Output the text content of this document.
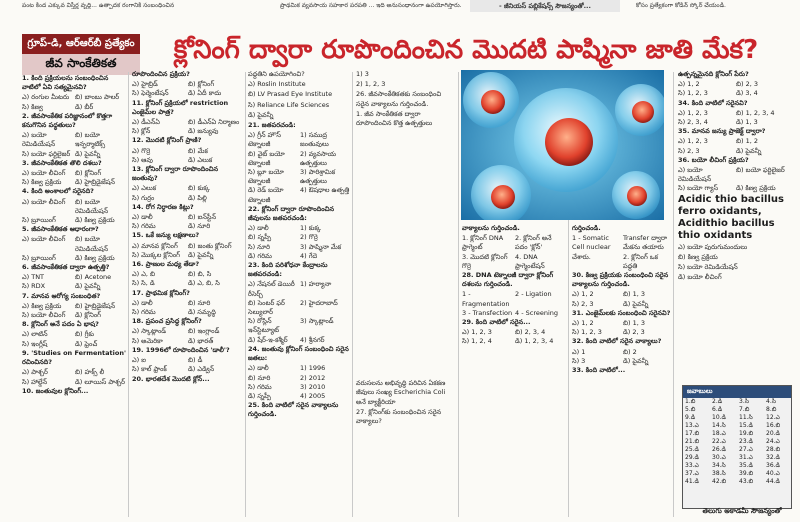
పంట కింద ఎక్కువ విస్తీర్ణ వృద్ధి... ఉత్పాదక రంగానికి సంబంధించిన	ప్రాథమిక వ్యవసాయ సహకార పరపతి ... ఇది అనుసంధానంగా ఉపయోగిస్తారు.	కోసం ప్రత్యేకంగా కోడిన్ స్కోర్ చేయండి.
- జీనియస్ పబ్లికేషన్స్ సౌజన్యంతో...
గ్రూప్-డి, ఆర్ఆర్‌బీ ప్రత్యేకం
జీవ సాంకేతికత	క్లోనింగ్ ద్వారా రూపొందించిన మొదటి పాష్మినా జాతి మేక?

1. కింది ప్రక్రియలను సంబంధించిన వాటిలో ఏవి సత్యమైనవి?

ఎ) రంగుల మీటరు బి) బాంబు పాలర్
సి) కిణ్వ	డి) బీర్

2. జీవసాంకేతిక పరిజ్ఞానంలో కొత్తగా కనుగొనిన పద్ధతులు?

ఎ) బయో రెమిడియేషన్
బి) బయో ఇన్ఫర్మాటిక్స్
సి) బయో ఫర్టిలైజర్ డి) పైవన్నీ

3. జీవసాంకేతికత తొలి దశలు?

ఎ) బయో లీచింగ్	బి) క్లోనింగ్
సి) కిణ్వ ప్రక్రియ	డి) హైబ్రిడైజేషన్

4. కింది అంశాలలో సరైనది?

ఎ) బయో లీచింగ్	బి) బయో రెమిడియేషన్
సి) బ్రూయింగ్	డి) కిణ్వ ప్రక్రియ

5. జీవసాంకేతికత ఆధారంగా?

ఎ) బయో లీచింగ్	బి) బయో రెమిడియేషన్
సి) బ్రూయింగ్	డి) కిణ్వ ప్రక్రియ

6. జీవసాంకేతికత ద్వారా ఉత్పత్తి?

ఎ) TNT	బి) Acetone
సి) RDX	డి) పైవన్నీ

7. మానవ ఆరోగ్య సంబంధిత?

ఎ) కిణ్వ ప్రక్రియ	బి) హైబ్రిడైజేషన్
సి) బయో లీచింగ్	డి) క్లోనింగ్

8. క్లోనింగ్ అనే పదం ఏ భాష?

ఎ) లాటిన్	బి) గ్రీకు
సి) ఇంగ్లీష్	డి) ఫ్రెంచ్

9. 'Studies on Fermentation' రచించినది?

ఎ) పాశ్చర్	బి) హక్స్ లీ
సి) హాల్డేన్	డి) లూయిస్ పాశ్చర్

10. జంతువుల క్లోనింగ్...

రూపొందించిన ప్రక్రియ?

ఎ) హైబ్రిడ్	బి) క్లోనింగ్
సి) ఫెర్మెంటేషన్	డి) ఏదీ కాదు

11. క్లోనింగ్ ప్రక్రియలో restriction ఎంజైమ్‌ల పాత్ర?

ఎ) డీఎన్ఏ	బి) డీఎన్ఏ నిర్మాణం
సి) క్లోన్	డి) జన్యువు

12. మొదటి క్లోనింగ్ ప్రాణి?

ఎ) గొర్రె	బి) మేక
సి) ఆవు	డి) ఎలుక

13. క్లోనింగ్ ద్వారా రూపొందించిన జంతువు?

ఎ) ఎలుక	బి) కుక్క
సి) గుర్రం	డి) పిల్లి

14. రోగ నిర్ధారణ కిట్లు?

ఎ) డాలీ	బి) ఐన్‌స్టీన్
సి) గరిమ	డి) నూరి

15. ఒకే జన్యు లక్షణాలు?

ఎ) మానవ క్లోనింగ్	బి) జంతు క్లోనింగ్
సి) మొక్కల క్లోనింగ్	డి) పైవన్నీ

16. ప్రాణుల మధ్య తేడా?

ఎ) ఎ, బి	బి) బి, సి
సి) సి, డి	డి) ఎ, బి, సి

17. ప్రాథమిక క్లోనింగ్?

ఎ) డాలీ	బి) నూరి
సి) గరిమ	డి) సమృద్ధి

18. ప్రపంచ ప్రసిద్ధ క్లోనింగ్?

ఎ) స్కాట్లాండ్	బి) ఇంగ్లాండ్
సి) అమెరికా	డి) భారత్

19. 1996లో రూపొందించిన 'డాలీ'?

ఎ) ఐ	బి) డీ
సి) కాల్ ఫ్రాంక్	డి) ఎడ్విన్

20. భారతదేశ మొదటి క్లోన్...

పద్ధతిని ఉపయోగించి?

ఎ) Roslin Institute

బి) LV Prasad Eye Institute

సి) Reliance Life Sciences

డి) పైవన్నీ

21. జతపరచండి:

ఎ) గ్రీన్ హౌస్ టెక్నాలజీ
1) సముద్ర జంతువులు
బి) వైట్ బయో టెక్నాలజీ
2) వ్యవసాయ ఉత్పత్తులు
సి) బ్లూ బయో టెక్నాలజీ
3) పారిశ్రామిక ఉత్పత్తులు
డి) రెడ్ బయో టెక్నాలజీ
4) ఔషధాల ఉత్పత్తి

22. క్లోనింగ్ ద్వారా రూపొందించిన జీవులను జతపరచండి:

ఎ) డాలీ	1) కుక్క
బి) స్నప్పీ	2) గొర్రె
సి) నూరి	3) పాష్మినా మేక
డి) గరిమ	4) గేదె

23. కింది పరిశోధనా కేంద్రాలను జతపరచండి:

ఎ) నేషనల్ డెయిరీ రీసెర్చ్
1) హర్యానా
బి) సెంటర్ ఫర్ సెల్యులార్
2) హైదరాబాద్
సి) రోస్లిన్ ఇన్‌స్టిట్యూట్
3) స్కాట్లాండ్
డి) షేర్-ఇ-కశ్మీర్	4) శ్రీనగర్

24. జంతువు క్లోనింగ్ సంబంధించి సరైన జతలు:

ఎ) డాలీ	1) 1996
బి) నూరి	2) 2012
సి) గరిమ	3) 2010
డి) స్నప్పీ	4) 2005

25. కింది వాటిలో సరైన వాక్యాలను గుర్తించండి.

1) 3

2) 1, 2, 3

26. జీవసాంకేతికతకు సంబంధించి సరైన వాక్యాలను గుర్తించండి.

1. జీవ సాంకేతికత ద్వారా రూపొందించిన కొత్త ఉత్పత్తులు

వరుసలను అభివృద్ధి పరిచిన ఏకకణ జీవులు సంఖ్య Escherichia Coli అనే బ్యాక్టీరియా

27. క్లోనింగ్‌కు సంబంధించిన సరైన వాక్యాలు?

వాక్యాలను గుర్తించండి.

1. క్లోనింగ్ DNA ఫ్రాగ్మెంట్
2. క్లోనింగ్ అనే పదం 'క్లోన్'
3. మొదటి క్లోనింగ్ గొర్రె
4. DNA ఫ్రాగ్మెంటేషన్

28. DNA టెక్నాలజీ ద్వారా క్లోనింగ్ దశలను గుర్తించండి.

1 - Fragmentation
2 - Ligation
3 - Transfection 4 - Screening

29. కింది వాటిలో సరైన...

ఎ) 1, 2, 3	బి) 2, 3, 4
సి) 1, 2, 4	డి) 1, 2, 3, 4

గుర్తించండి.

1 - Somatic Cell nuclear
Transfer ద్వారా మేకను తయారు
చేశారు.	2. క్లోనింగ్ ఒక పద్ధతి

30. కిణ్వ ప్రక్రియకు సంబంధించి సరైన వాక్యాలను గుర్తించండి.

ఎ) 1, 2	బి) 1, 3
సి) 2, 3	డి) పైవన్నీ

31. ఎంజైమ్‌లకు సంబంధించి సరైనవి?

ఎ) 1, 2	బి) 1, 3
సి) 1, 2, 3	డి) 2, 3

32. కింది వాటిలో సరైన వాక్యాలు?

ఎ) 1	బి) 2
సి) 3	డి) పైవన్నీ

33. కింది వాటిలో...

ఉత్పన్నమైనది క్లోనింగ్ పేరు?

ఎ) 1, 2	బి) 2, 3
సి) 1, 2, 3	డి) 3, 4

34. కింది వాటిలో సరైనవి?

ఎ) 1, 2, 3	బి) 1, 2, 3, 4
సి) 2, 3, 4	డి) 1, 3

35. మానవ జన్యు ప్రాజెక్ట్ ద్వారా?

ఎ) 1, 2, 3	బి) 1, 2
సి) 2, 3	డి) పైవన్నీ

36. బయో లీచింగ్ ప్రక్రియ?

ఎ) బయో రెమిడియేషన్
బి) బయో ఫర్టిలైజర్
సి) బయో గ్యాస్	డి) కిణ్వ ప్రక్రియ

Acidic thio bacillus ferro oxidants, Acidithio bacillus thio oxidants

ఎ) బయో పురుగుమందులు

బి) కిణ్వ ప్రక్రియ

సి) బయో రెమిడియేషన్

డి) బయో లీచింగ్

జవాబులు
1.బి	2.డి	3.సి	4.సి
5.బి	6.డి	7.బి	8.బి
9.డి	10.డి	11.సి	12.ఎ
13.ఎ	14.సి	15.డి	16.బి
17.బి	18.ఎ	19.బి	20.డి
21.బి	22.ఎ	23.డి	24.ఎ
25.డి	26.డి	27.ఎ	28.బి
29.డి	30.ఎ	31.ఎ	32.డి
33.ఎ	34.సి	35.డి	36.డి
37.ఎ	38.సి	39.బి	40.ఎ
41.డి	42.బి	43.బి	44.డి
తెలుగు అకాడమీ సౌజన్యంతో
